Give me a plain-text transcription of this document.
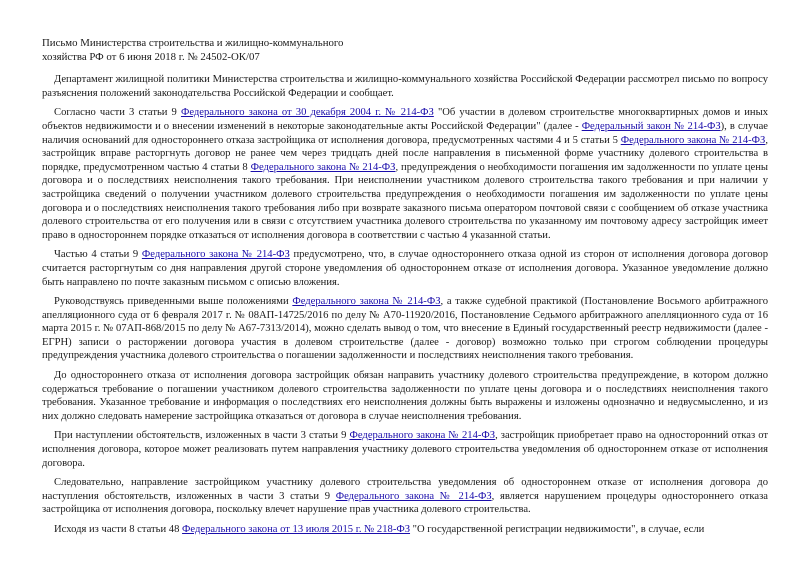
Письмо Министерства строительства и жилищно-коммунального
хозяйства РФ от 6 июня 2018 г. № 24502-ОК/07

Департамент жилищной политики Министерства строительства и жилищно-коммунального хозяйства Российской Федерации рассмотрел письмо по вопросу разъяснения положений законодательства Российской Федерации и сообщает.

Согласно части 3 статьи 9 Федерального закона от 30 декабря 2004 г. № 214-ФЗ "Об участии в долевом строительстве многоквартирных домов и иных объектов недвижимости и о внесении изменений в некоторые законодательные акты Российской Федерации" (далее - Федеральный закон № 214-ФЗ), в случае наличия оснований для одностороннего отказа застройщика от исполнения договора, предусмотренных частями 4 и 5 статьи 5 Федерального закона № 214-ФЗ, застройщик вправе расторгнуть договор не ранее чем через тридцать дней после направления в письменной форме участнику долевого строительства в порядке, предусмотренном частью 4 статьи 8 Федерального закона № 214-ФЗ, предупреждения о необходимости погашения им задолженности по уплате цены договора и о последствиях неисполнения такого требования. При неисполнении участником долевого строительства такого требования и при наличии у застройщика сведений о получении участником долевого строительства предупреждения о необходимости погашения им задолженности по уплате цены договора и о последствиях неисполнения такого требования либо при возврате заказного письма оператором почтовой связи с сообщением об отказе участника долевого строительства от его получения или в связи с отсутствием участника долевого строительства по указанному им почтовому адресу застройщик имеет право в одностороннем порядке отказаться от исполнения договора в соответствии с частью 4 указанной статьи.

Частью 4 статьи 9 Федерального закона № 214-ФЗ предусмотрено, что, в случае одностороннего отказа одной из сторон от исполнения договора договор считается расторгнутым со дня направления другой стороне уведомления об одностороннем отказе от исполнения договора. Указанное уведомление должно быть направлено по почте заказным письмом с описью вложения.

Руководствуясь приведенными выше положениями Федерального закона № 214-ФЗ, а также судебной практикой (Постановление Восьмого арбитражного апелляционного суда от 6 февраля 2017 г. № 08АП-14725/2016 по делу № А70-11920/2016, Постановление Седьмого арбитражного апелляционного суда от 16 марта 2015 г. № 07АП-868/2015 по делу № А67-7313/2014), можно сделать вывод о том, что внесение в Единый государственный реестр недвижимости (далее - ЕГРН) записи о расторжении договора участия в долевом строительстве (далее - договор) возможно только при строгом соблюдении процедуры предупреждения участника долевого строительства о погашении задолженности и последствиях неисполнения такого требования.

До одностороннего отказа от исполнения договора застройщик обязан направить участнику долевого строительства предупреждение, в котором должно содержаться требование о погашении участником долевого строительства задолженности по уплате цены договора и о последствиях неисполнения такого требования. Указанное требование и информация о последствиях его неисполнения должны быть выражены и изложены однозначно и недвусмысленно, и из них должно следовать намерение застройщика отказаться от договора в случае неисполнения требования.

При наступлении обстоятельств, изложенных в части 3 статьи 9 Федерального закона № 214-ФЗ, застройщик приобретает право на односторонний отказ от исполнения договора, которое может реализовать путем направления участнику долевого строительства уведомления об одностороннем отказе от исполнения договора.

Следовательно, направление застройщиком участнику долевого строительства уведомления об одностороннем отказе от исполнения договора до наступления обстоятельств, изложенных в части 3 статьи 9 Федерального закона № 214-ФЗ, является нарушением процедуры одностороннего отказа застройщика от исполнения договора, поскольку влечет нарушение прав участника долевого строительства.

Исходя из части 8 статьи 48 Федерального закона от 13 июля 2015 г. № 218-ФЗ "О государственной регистрации недвижимости", в случае, если
